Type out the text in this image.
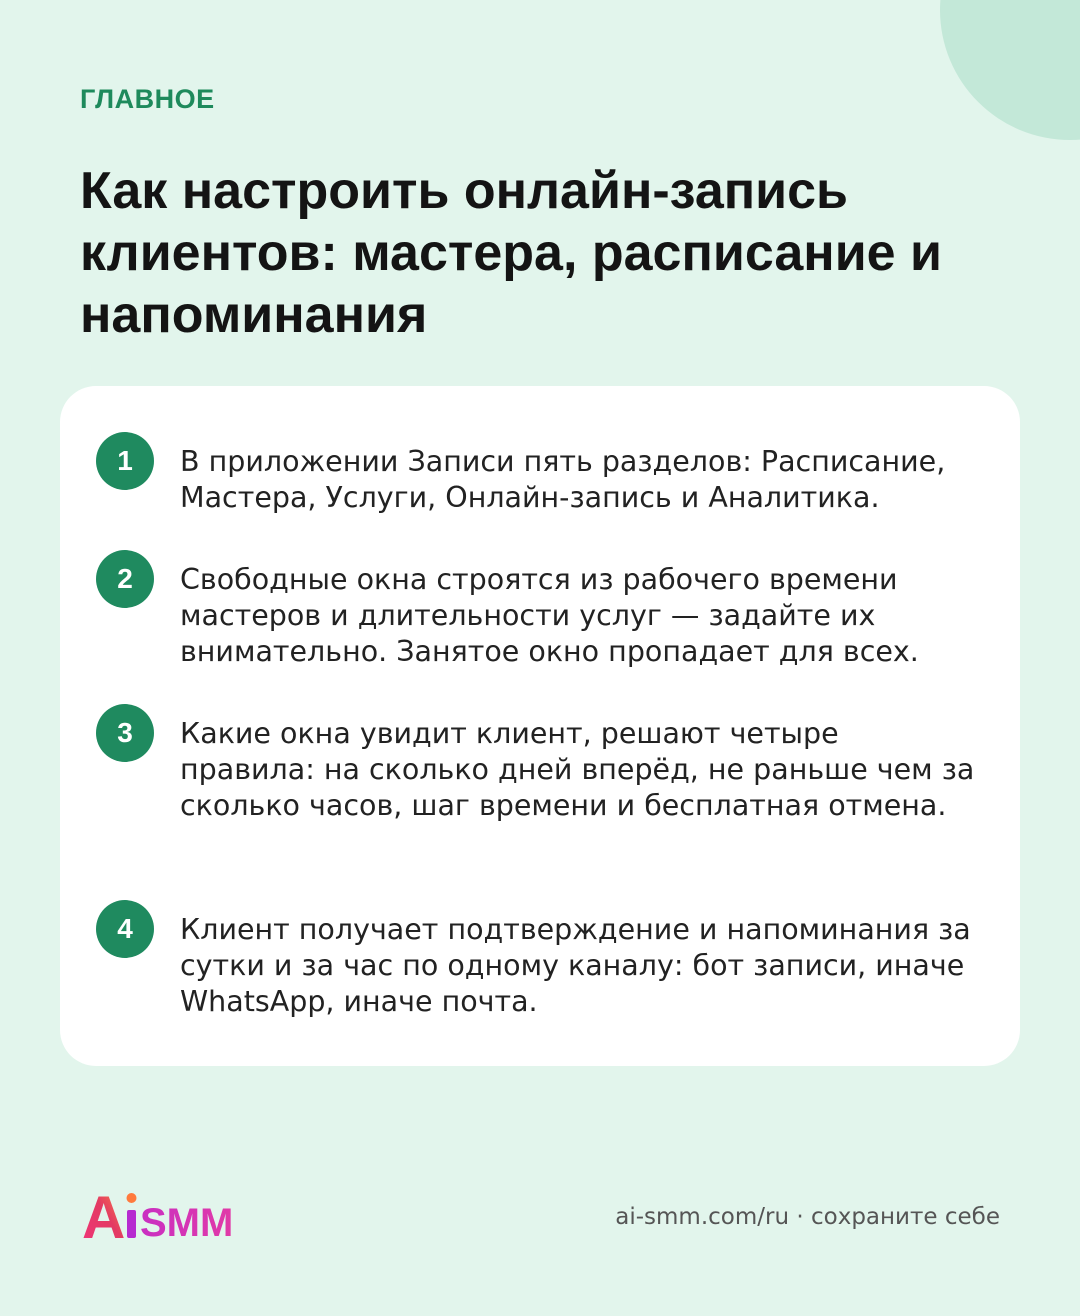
ГЛАВНОЕ
Как настроить онлайн-запись клиентов: мастера, расписание и напоминания
1	В приложении Записи пять разделов: Расписание, Мастера, Услуги, Онлайн-запись и Аналитика.

2	Свободные окна строятся из рабочего времени мастеров и длительности услуг — задайте их внимательно. Занятое окно пропадает для всех.

3	Какие окна увидит клиент, решают четыре правила: на сколько дней вперёд, не раньше чем за сколько часов, шаг времени и бесплатная отмена.

4	Клиент получает подтверждение и напоминания за сутки и за час по одному каналу: бот записи, иначе WhatsApp, иначе почта.

A SMM	ai-smm.com/ru · сохраните себе
